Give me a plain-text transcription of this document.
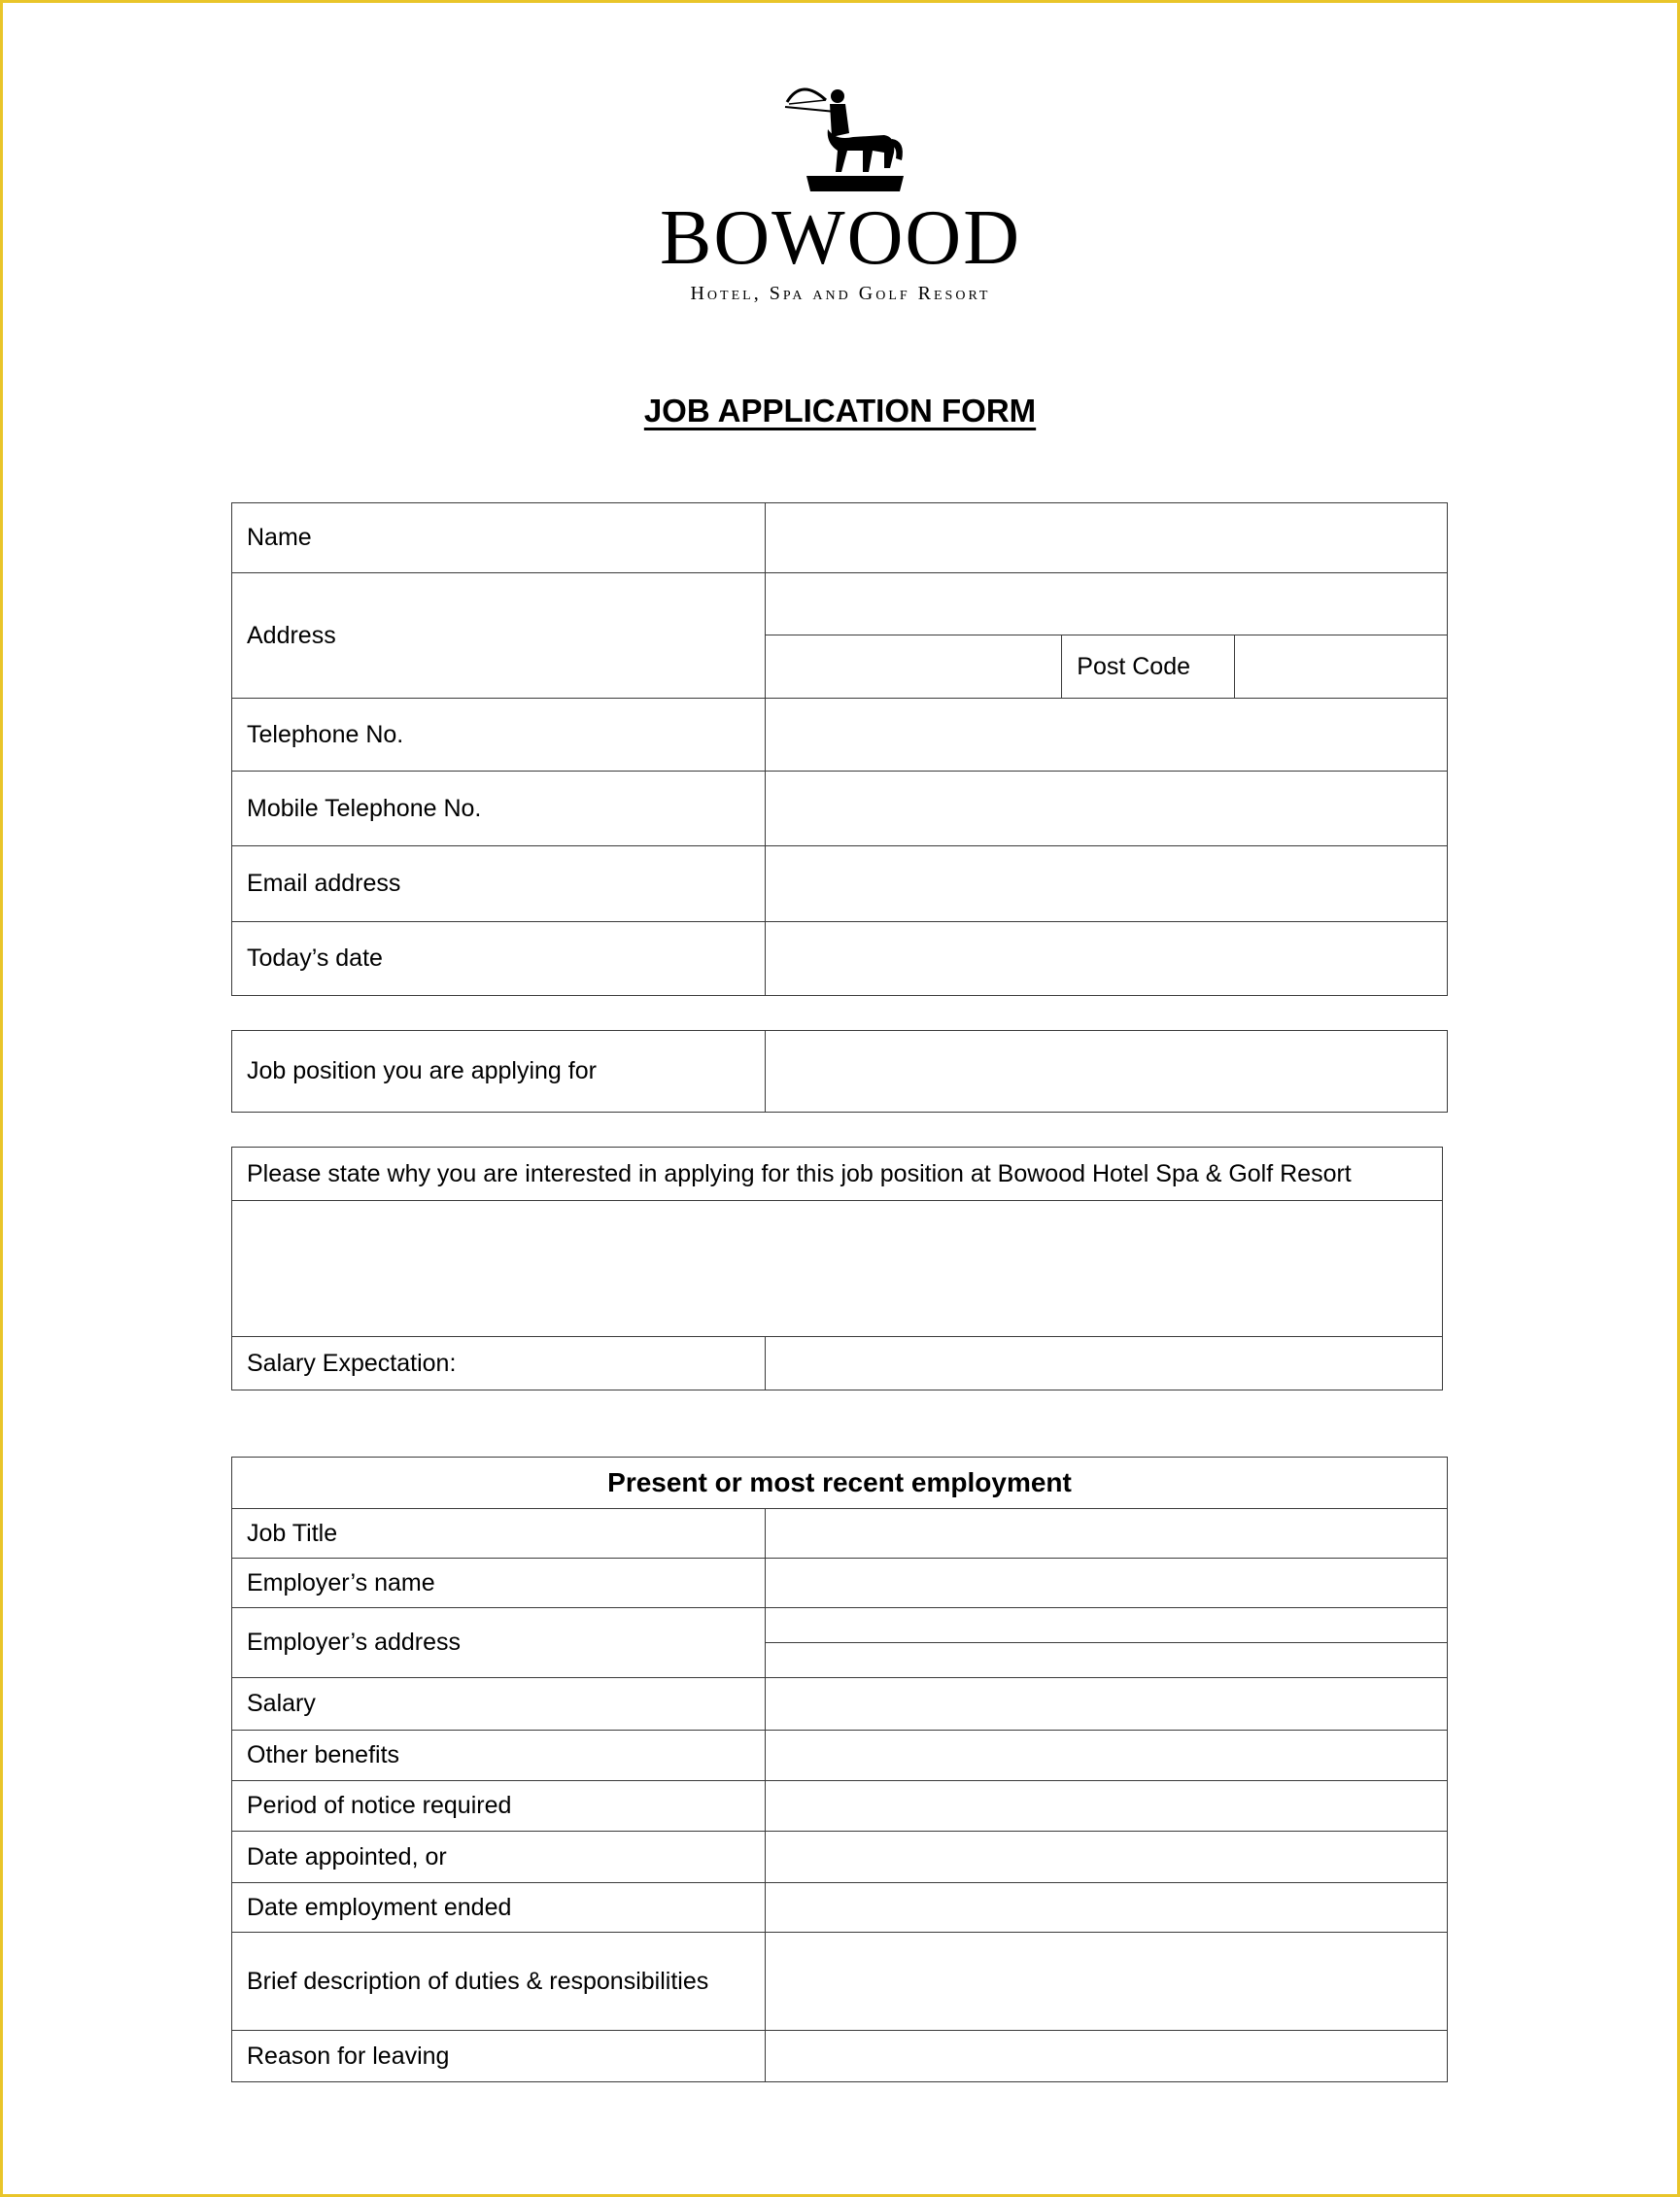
BOWOOD
Hotel, Spa and Golf Resort
JOB APPLICATION FORM
Name			
Address			
		Post Code	
Telephone No.			
Mobile Telephone No.			
Email address			
Today’s date			
Job position you are applying for	
Please state why you are interested in applying for this job position at Bowood Hotel Spa & Golf Resort

Salary Expectation:	
Present or most recent employment	
Job Title	
Employer’s name	
Employer’s address	

Salary	
Other benefits	
Period of notice required	
Date appointed, or	
Date employment ended	
Brief description of duties & responsibilities	
Reason for leaving	
